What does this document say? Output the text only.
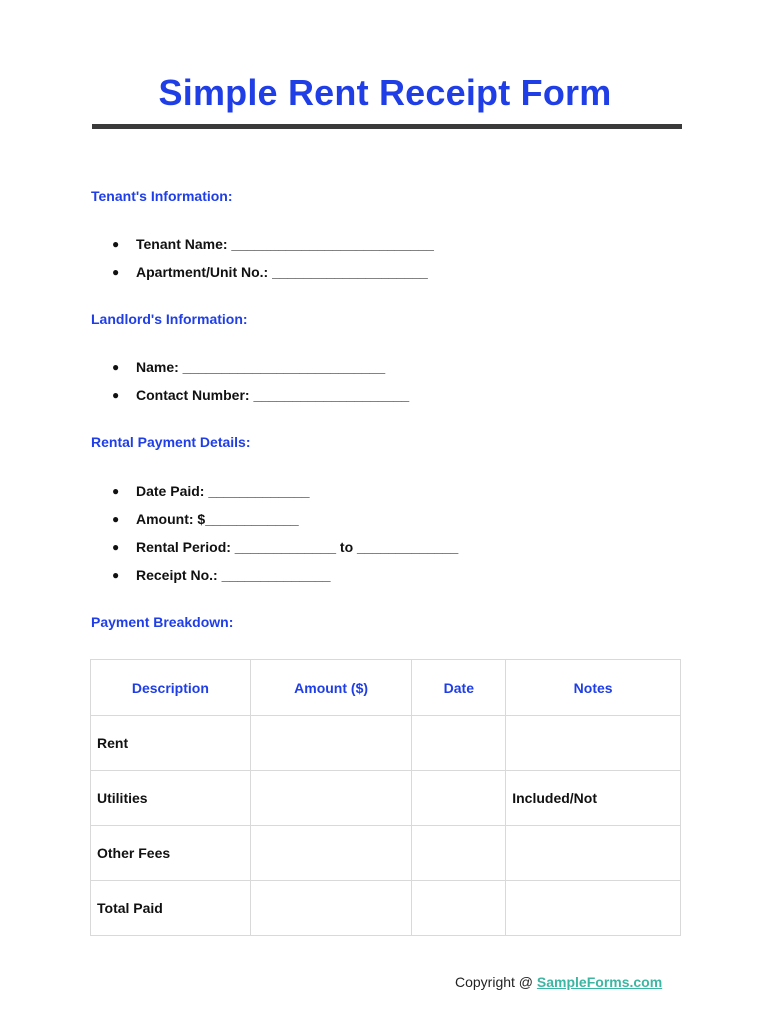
Simple Rent Receipt Form
Tenant's Information:
●	Tenant Name: __________________________
●	Apartment/Unit No.: ____________________
Landlord's Information:
●	Name: __________________________
●	Contact Number: ____________________
Rental Payment Details:
●	Date Paid: _____________
●	Amount: $____________
●	Rental Period: _____________ to _____________
●	Receipt No.: ______________
Payment Breakdown:
Description	Amount ($)	Date	Notes
Rent			
Utilities			Included/Not
Other Fees			
Total Paid			
Copyright @ SampleForms.com
